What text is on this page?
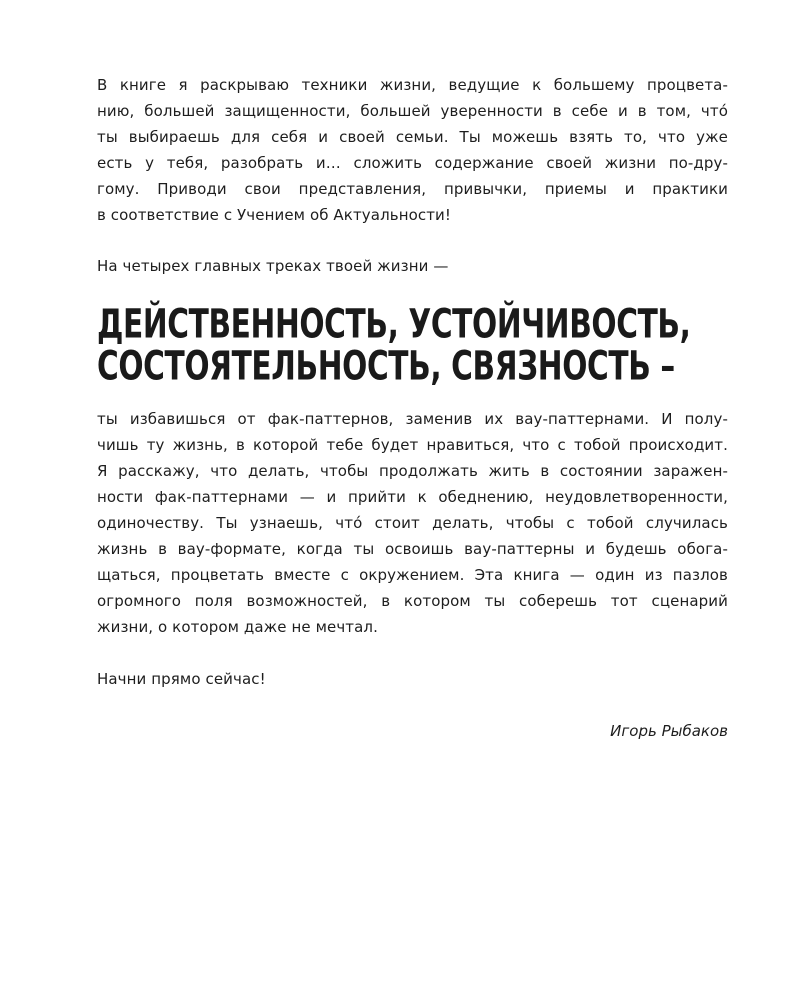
В книге я раскрываю техники жизни, ведущие к большему процвета-
нию, большей защищенности, большей уверенности в себе и в том, что́
ты выбираешь для себя и своей семьи. Ты можешь взять то, что уже
есть у тебя, разобрать и… сложить содержание своей жизни по-дру-
гому. Приводи свои представления, привычки, приемы и практики
в соответствие с Учением об Актуальности!
На четырех главных треках твоей жизни —
ДЕЙСТВЕННОСТЬ, УСТОЙЧИВОСТЬ,
СОСТОЯТЕЛЬНОСТЬ, СВЯЗНОСТЬ –
ты избавишься от фак-паттернов, заменив их вау-паттернами. И полу-
чишь ту жизнь, в которой тебе будет нравиться, что с тобой происходит.
Я расскажу, что делать, чтобы продолжать жить в состоянии заражен-
ности фак-паттернами — и прийти к обеднению, неудовлетворенности,
одиночеству. Ты узнаешь, что́ стоит делать, чтобы с тобой случилась
жизнь в вау-формате, когда ты освоишь вау-паттерны и будешь обога-
щаться, процветать вместе с окружением. Эта книга — один из пазлов
огромного поля возможностей, в котором ты соберешь тот сценарий
жизни, о котором даже не мечтал.
Начни прямо сейчас!
Игорь Рыбаков
